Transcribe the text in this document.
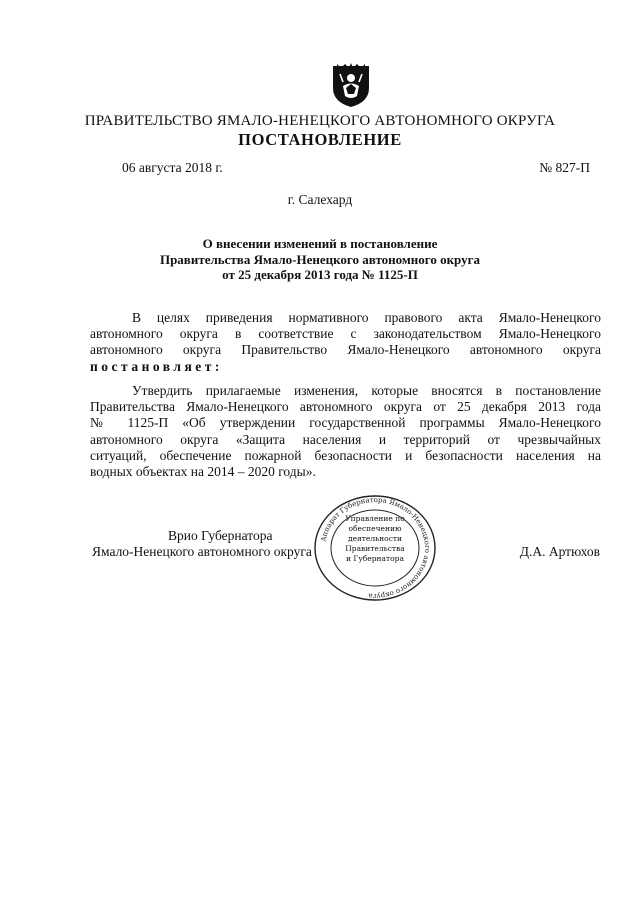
ПРАВИТЕЛЬСТВО ЯМАЛО-НЕНЕЦКОГО АВТОНОМНОГО ОКРУГА
ПОСТАНОВЛЕНИЕ
06 августа 2018 г.	№ 827-П
г. Салехард
О внесении изменений в постановление
Правительства Ямало-Ненецкого автономного округа
от 25 декабря 2013 года № 1125-П
В целях приведения нормативного правового акта Ямало-Ненецкого
автономного округа в соответствие с законодательством Ямало-Ненецкого
автономного округа Правительство Ямало-Ненецкого автономного округа
постановляет:
Утвердить прилагаемые изменения, которые вносятся в постановление
Правительства Ямало-Ненецкого автономного округа от 25 декабря 2013 года
№ 1125-П «Об утверждении государственной программы Ямало-Ненецкого
автономного округа «Защита населения и территорий от чрезвычайных
ситуаций, обеспечение пожарной безопасности и безопасности населения на
водных объектах на 2014 – 2020 годы».
Врио Губернатора
Ямало-Ненецкого автономного округа	Д.А. Артюхов
Аппарат Губернатора Ямало-Ненецкого автономного округа
Управление по
обеспечению
деятельности
Правительства
и Губернатора
